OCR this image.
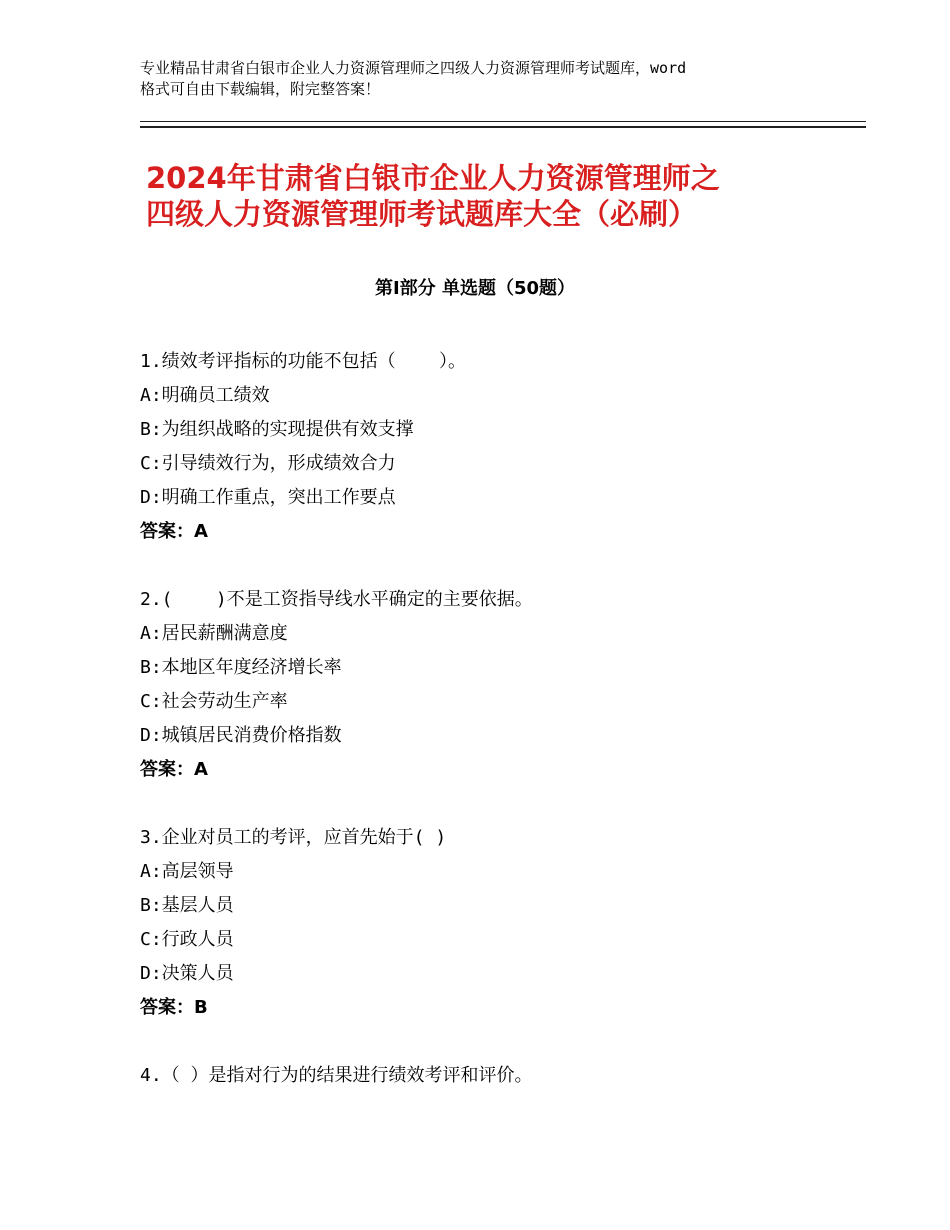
专业精品甘肃省白银市企业人力资源管理师之四级人力资源管理师考试题库，word
格式可自由下载编辑，附完整答案！
2024年甘肃省白银市企业人力资源管理师之
四级人力资源管理师考试题库大全（必刷）
第Ⅰ部分 单选题（50题）
1.绩效考评指标的功能不包括（    ）。
A:明确员工绩效
B:为组织战略的实现提供有效支撑
C:引导绩效行为，形成绩效合力
D:明确工作重点，突出工作要点
答案：A
2.(    )不是工资指导线水平确定的主要依据。
A:居民薪酬满意度
B:本地区年度经济增长率
C:社会劳动生产率
D:城镇居民消费价格指数
答案：A
3.企业对员工的考评，应首先始于( )
A:高层领导
B:基层人员
C:行政人员
D:决策人员
答案：B
4.（ ）是指对行为的结果进行绩效考评和评价。
